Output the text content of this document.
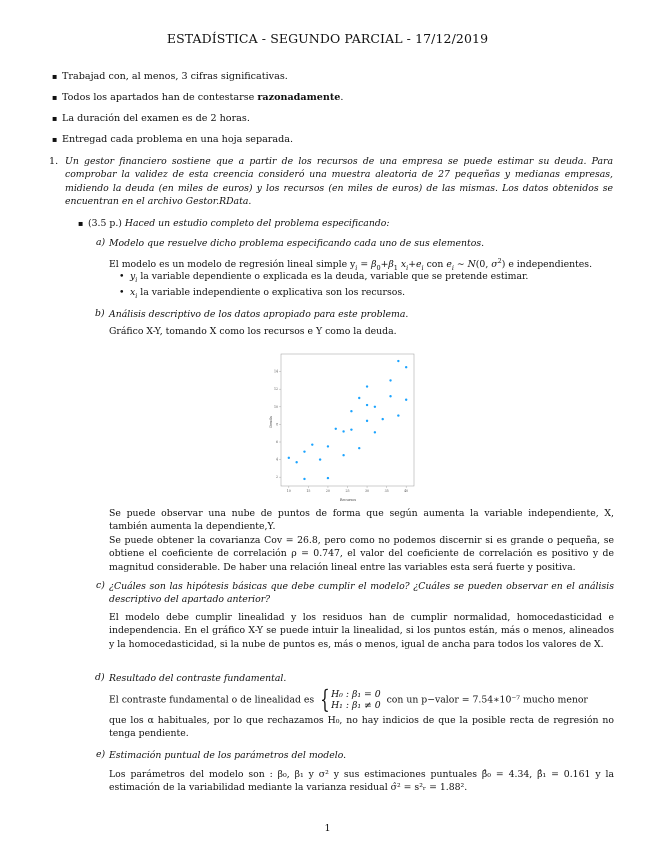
ESTADÍSTICA - SEGUNDO PARCIAL - 17/12/2019
▪ Trabajad con, al menos, 3 cifras significativas.
▪ Todos los apartados han de contestarse razonadamente.
▪ La duración del examen es de 2 horas.
▪ Entregad cada problema en una hoja separada.
1. Un gestor financiero sostiene que a partir de los recursos de una empresa se puede estimar su deuda. Para comprobar la validez de esta creencia consideró una muestra aleatoria de 27 pequeñas y medianas empresas, midiendo la deuda (en miles de euros) y los recursos (en miles de euros) de las mismas. Los datos obtenidos se encuentran en el archivo Gestor.RData.
▪ (3.5 p.) Haced un estudio completo del problema especificando:
a) Modelo que resuelve dicho problema especificando cada uno de sus elementos.
El modelo es un modelo de regresión lineal simple $y_i = \beta_0+\beta_1$ $x_i+e_i$ con $e_i$ ∼ N(0, $\sigma^2$) e independientes.
• $y_i$ la variable dependiente o explicada es la deuda, variable que se pretende estimar.
• $x_i$ la variable independiente o explicativa son los recursos.
b) Análisis descriptivo de los datos apropiado para este problema.
Gráfico X-Y, tomando X como los recursos e Y como la deuda.
10	15	20	25	30	35	40
2
4
6
8
10
12
14
Recursos
Deuda
Se puede observar una nube de puntos de forma que según aumenta la variable independiente, X, también aumenta la dependiente,Y.
Se puede obtener la covarianza Cov = 26.8, pero como no podemos discernir si es grande o pequeña, se obtiene el coeficiente de correlación ρ = 0.747, el valor del coeficiente de correlación es positivo y de magnitud considerable. De haber una relación lineal entre las variables esta será fuerte y positiva.
c) ¿Cuáles son las hipótesis básicas que debe cumplir el modelo? ¿Cuáles se pueden observar en el análisis descriptivo del apartado anterior?
El modelo debe cumplir linealidad y los residuos han de cumplir normalidad, homocedasticidad e independencia. En el gráfico X-Y se puede intuir la linealidad, si los puntos están, más o menos, alineados y la homocedasticidad, si la nube de puntos es, más o menos, igual de ancha para todos los valores de X.
d) Resultado del contraste fundamental.
El contraste fundamental o de linealidad es {H₀ : β₁ = 0
H₁ : β₁ ≠ 0 con un p−valor = 7.54∗10⁻⁷ mucho menor
que los α habituales, por lo que rechazamos H₀, no hay indicios de que la posible recta de regresión no tenga pendiente.
e) Estimación puntual de los parámetros del modelo.
Los parámetros del modelo son : β₀, β₁ y σ² y sus estimaciones puntuales β̂₀ = 4.34, β̂₁ = 0.161 y la estimación de la variabilidad mediante la varianza residual σ̂² = s²ᵣ = 1.88².
1
